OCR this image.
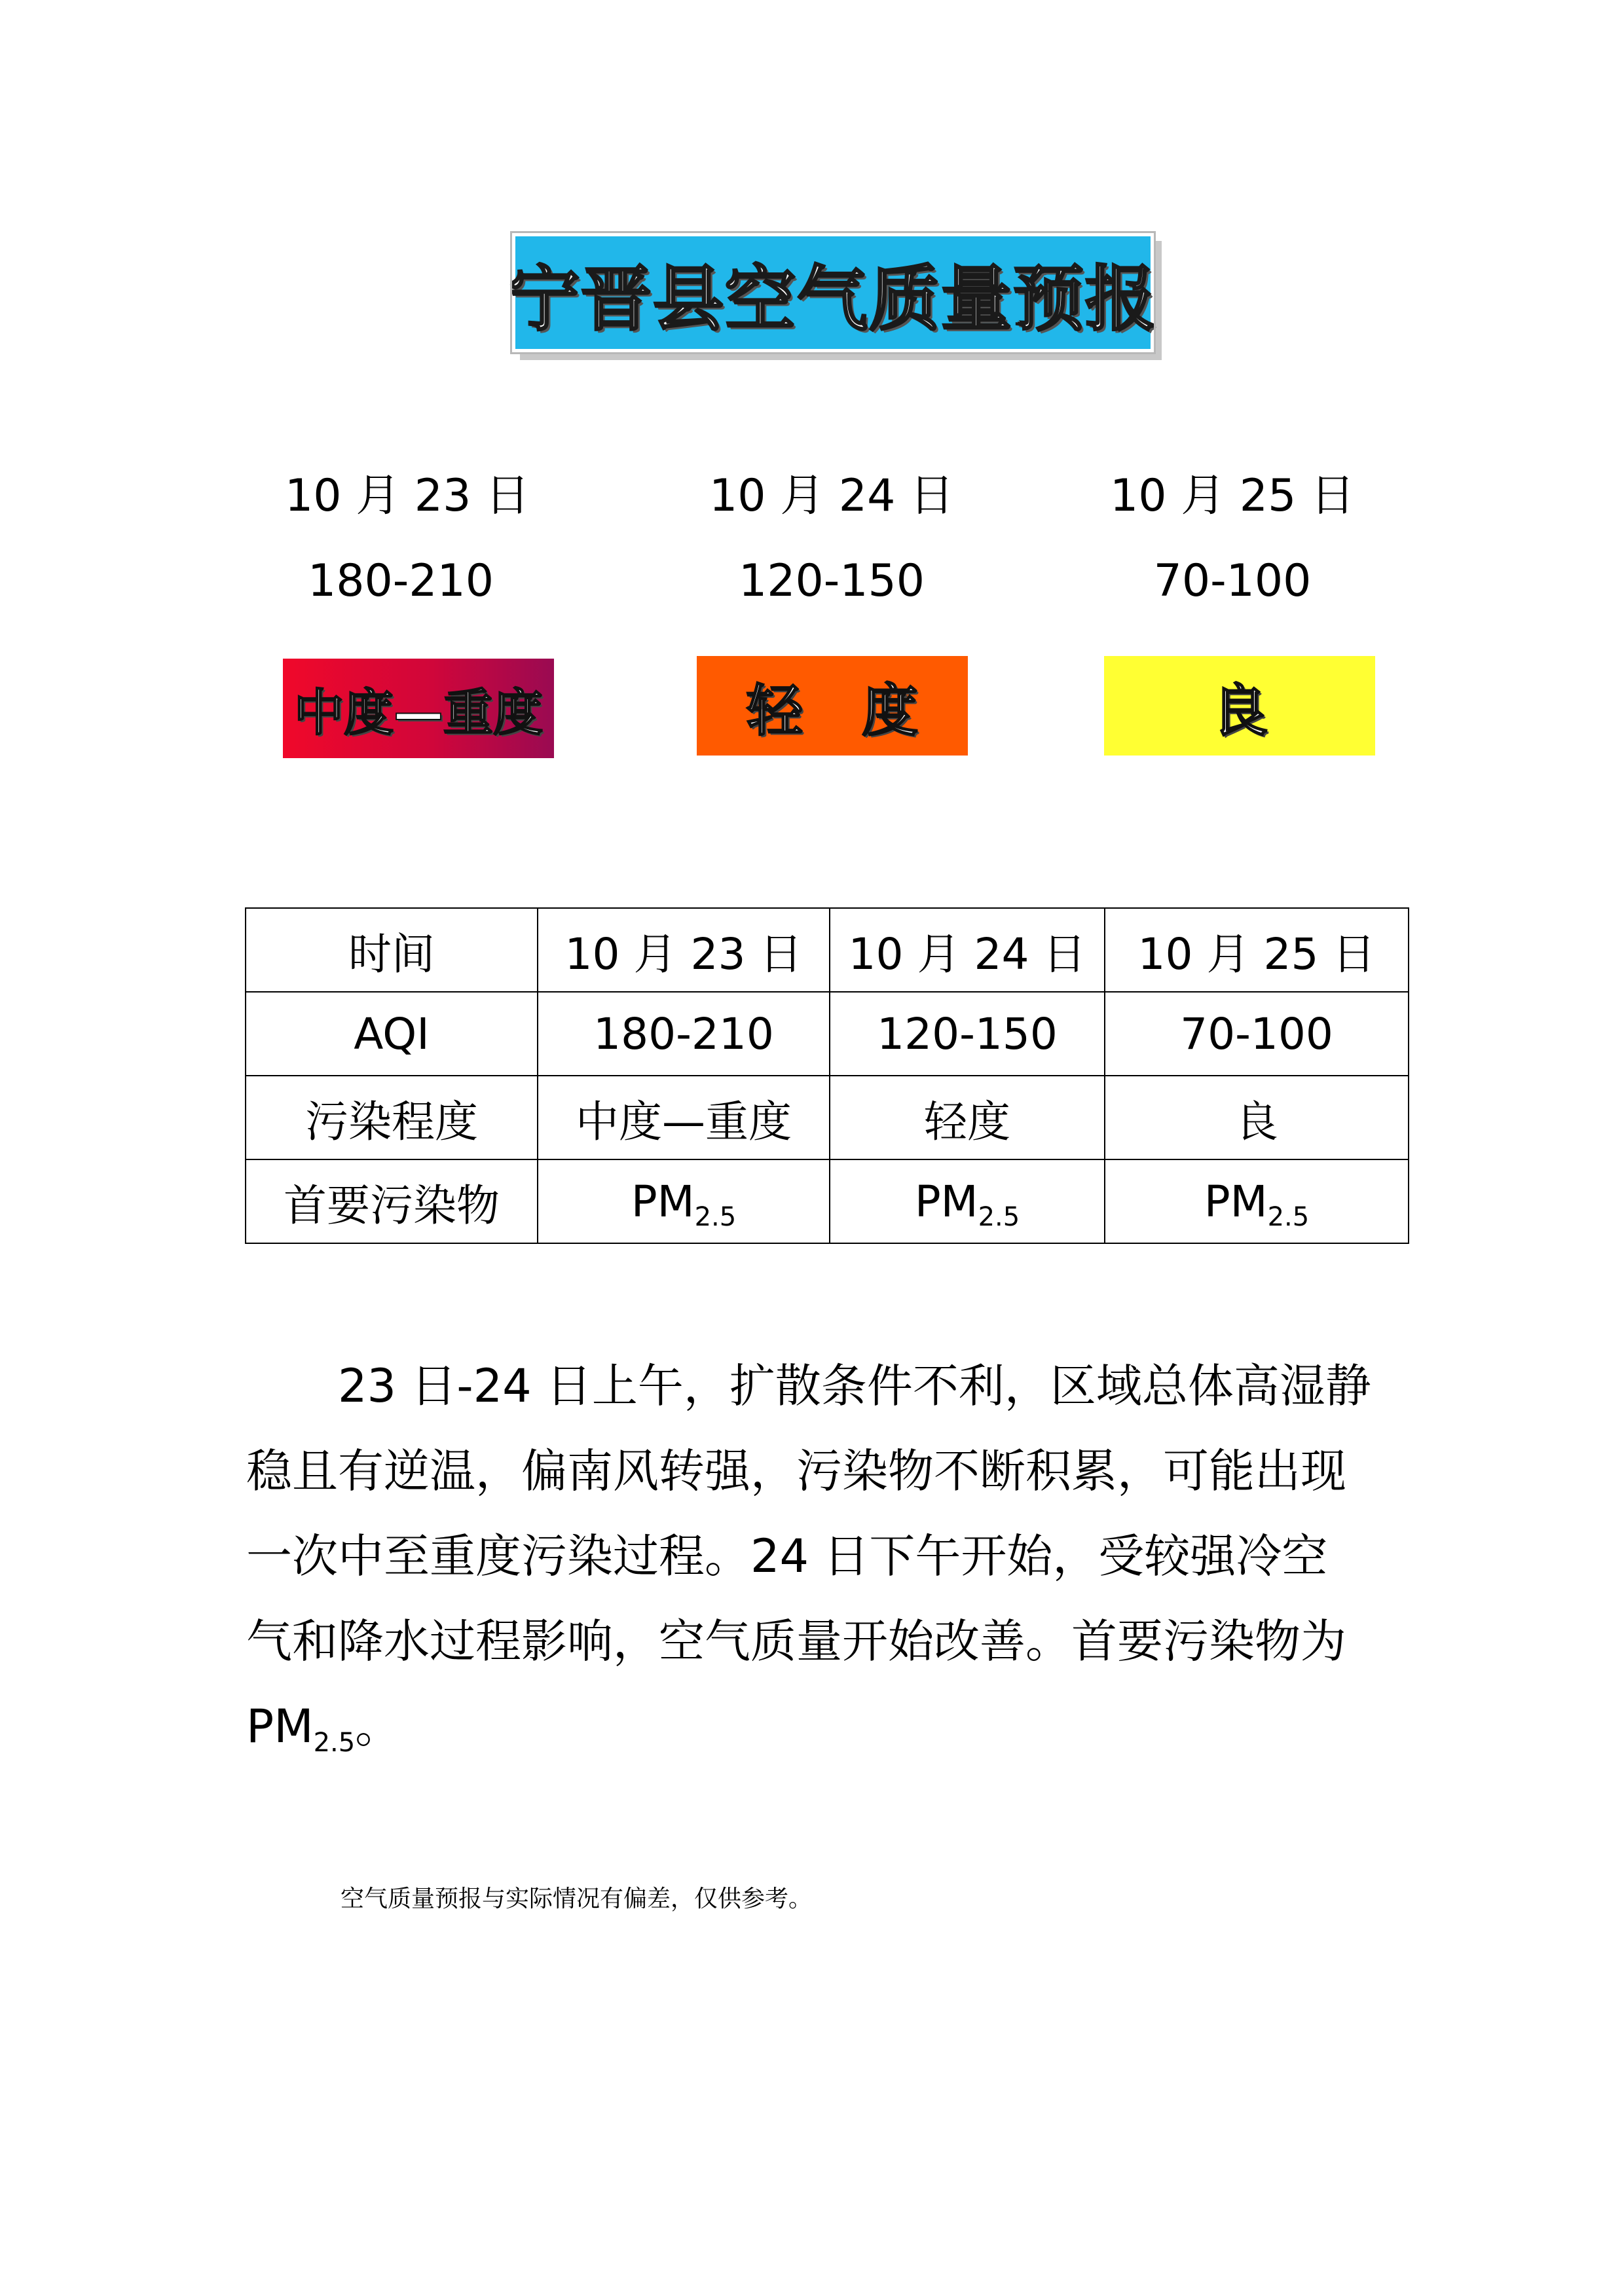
宁晋县空气质量预报
10 月 23 日
180-210
10 月 24 日
120-150
10 月 25 日
70-100
中度—重度	轻度	良
时间	10 月 23 日	10 月 24 日	10 月 25 日
AQI	180-210	120-150	70-100
污染程度	中度—重度	轻度	良
首要污染物	$PM_{2.5}$	$PM_{2.5}$	$PM_{2.5}$

23 日-24 日上午，扩散条件不利，区域总体高湿静稳且有逆温，偏南风转强，污染物不断积累，可能出现一次中至重度污染过程。24 日下午开始，受较强冷空气和降水过程影响，空气质量开始改善。首要污染物为 $PM_{2.5}$。

空气质量预报与实际情况有偏差，仅供参考。
